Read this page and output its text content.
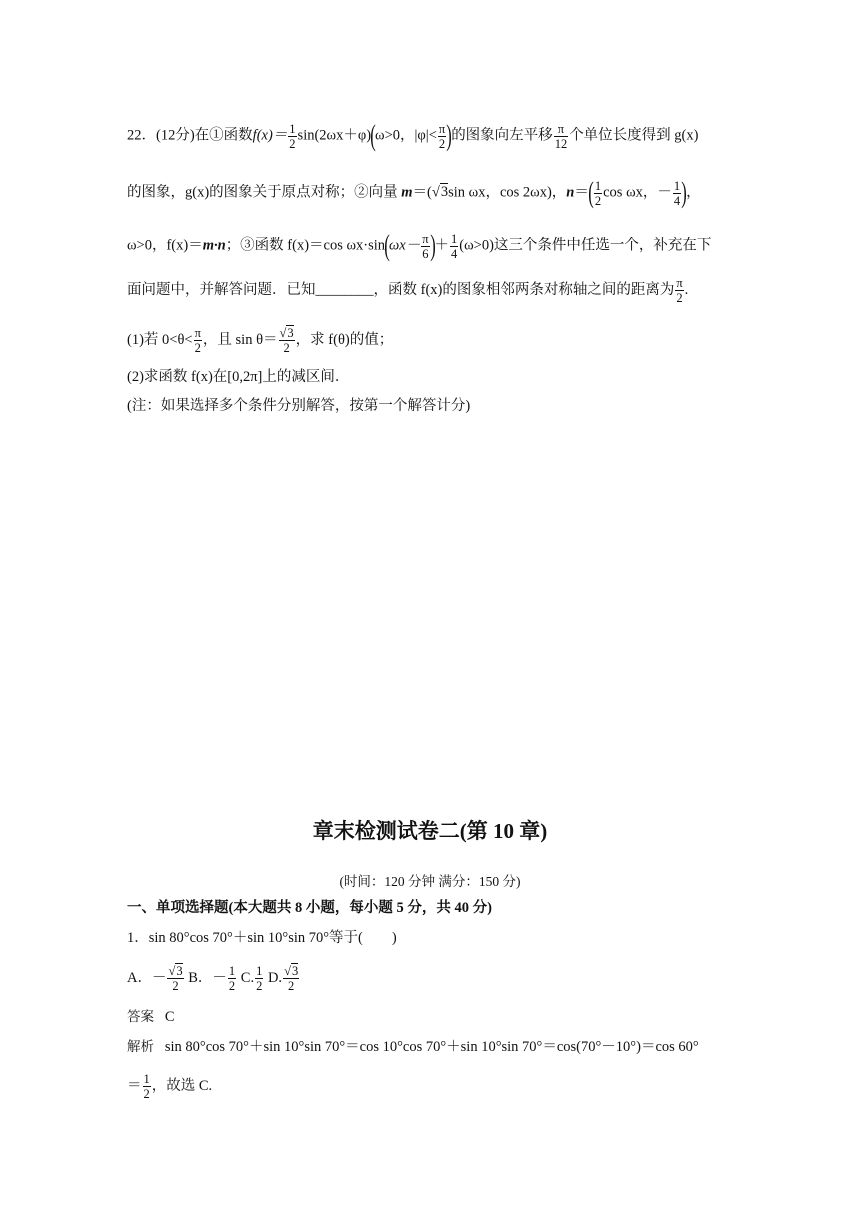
22．(12分)在①函数$f(x)= \frac{1}{2} \sin(2\omega x+\varphi)(\omega>0$，$|\varphi|< \frac{\pi}{2}$ )的图象向左平移 $\frac{\pi}{12}$ 个单位长度得到 g(x)
的图象，g(x)的图象关于原点对称；②向量 m＝(√3sin ωx，cos 2ωx)，$n=( \frac{1}{2}$ cos ωx，－ $\frac{1}{4}$ )，
ω>0，f(x)＝m·n；③函数 f(x)＝cos $\omega x\cdot\sin(\omega x- \frac{\pi}{6}$ )＋ $\frac{1}{4} (\omega>0)$这三个条件中任选一个，补充在下
面问题中，并解答问题．已知________，函数 f(x)的图象相邻两条对称轴之间的距离为 $\frac{\pi}{2}$ .
(1)若 $0<\theta< \frac{\pi}{2}$ ，且 $\sin \theta= \frac{√3}{2}$ ，求 f(θ)的值；
(2)求函数 f(x)在[0,2π]上的减区间．
(注：如果选择多个条件分别解答，按第一个解答计分)
章末检测试卷二(第 10 章)
(时间：120 分钟 满分：150 分)
一、单项选择题(本大题共 8 小题，每小题 5 分，共 40 分)
1．sin 80°cos 70°＋sin 10°sin 70°等于(　　)
A．－ $\frac{√3}{2}$ B．－ $\frac{1}{2} C$. $\frac{1}{2} D$. $\frac{√3}{2}$
答案 C
解析 sin 80°cos 70°＋sin 10°sin 70°＝cos 10°cos 70°＋sin 10°sin 70°＝cos(70°－10°)＝cos 60°
＝ $\frac{1}{2}$ ，故选 C.
